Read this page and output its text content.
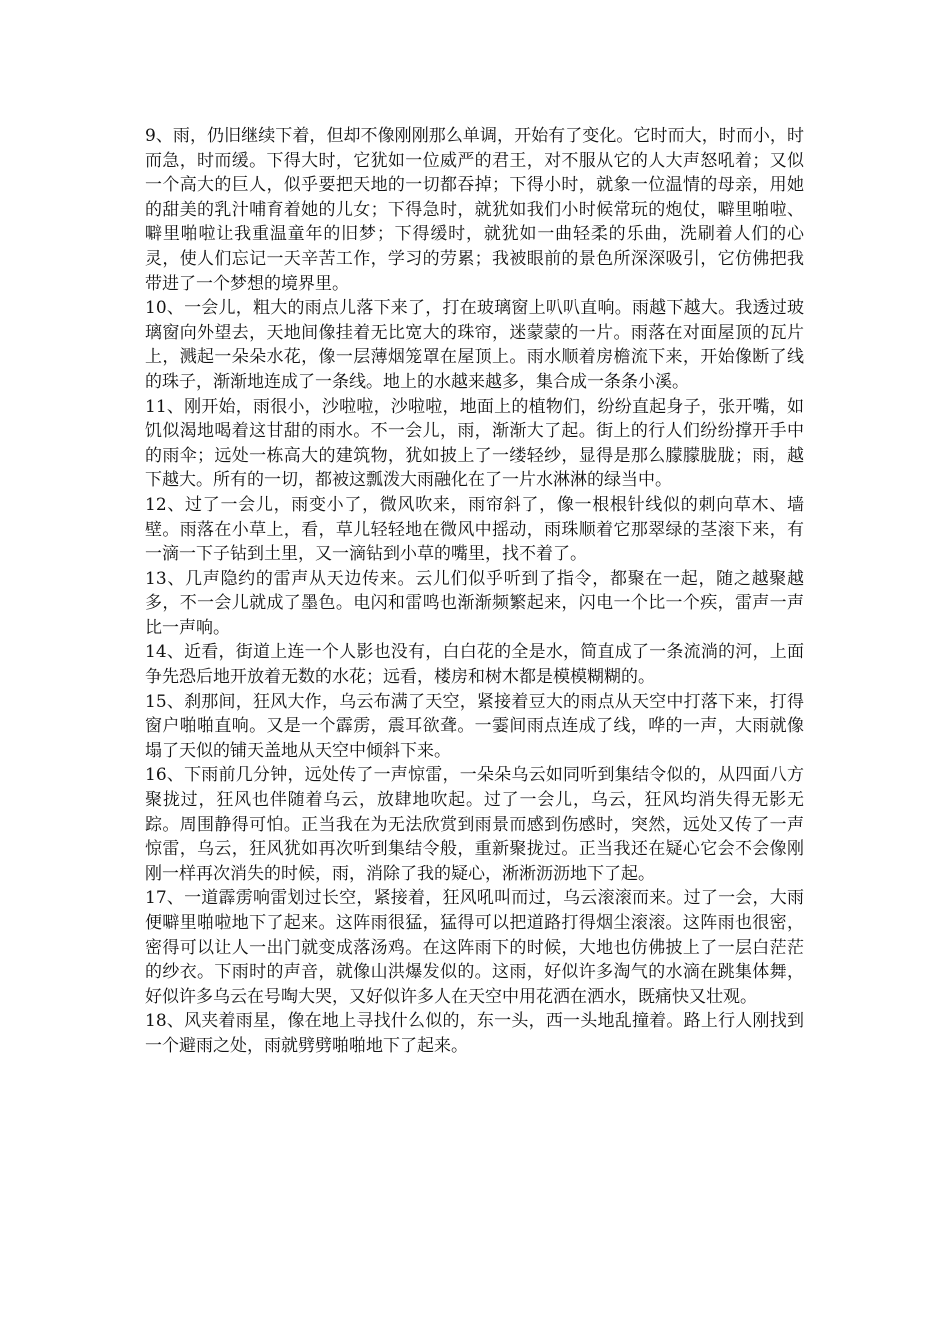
9、雨，仍旧继续下着，但却不像刚刚那么单调，开始有了变化。它时而大，时而小，时而急，时而缓。下得大时，它犹如一位威严的君王，对不服从它的人大声怒吼着；又似一个高大的巨人，似乎要把天地的一切都吞掉；下得小时，就象一位温情的母亲，用她的甜美的乳汁哺育着她的儿女；下得急时，就犹如我们小时候常玩的炮仗，噼里啪啦、噼里啪啦让我重温童年的旧梦；下得缓时，就犹如一曲轻柔的乐曲，洗刷着人们的心灵，使人们忘记一天辛苦工作，学习的劳累；我被眼前的景色所深深吸引，它仿佛把我带进了一个梦想的境界里。

10、一会儿，粗大的雨点儿落下来了，打在玻璃窗上叭叭直响。雨越下越大。我透过玻璃窗向外望去，天地间像挂着无比宽大的珠帘，迷蒙蒙的一片。雨落在对面屋顶的瓦片上，溅起一朵朵水花，像一层薄烟笼罩在屋顶上。雨水顺着房檐流下来，开始像断了线的珠子，渐渐地连成了一条线。地上的水越来越多，集合成一条条小溪。

11、刚开始，雨很小，沙啦啦，沙啦啦，地面上的植物们，纷纷直起身子，张开嘴，如饥似渴地喝着这甘甜的雨水。不一会儿，雨，渐渐大了起。街上的行人们纷纷撑开手中的雨伞；远处一栋高大的建筑物，犹如披上了一缕轻纱，显得是那么朦朦胧胧；雨，越下越大。所有的一切，都被这瓢泼大雨融化在了一片水淋淋的绿当中。

12、过了一会儿，雨变小了，微风吹来，雨帘斜了，像一根根针线似的刺向草木、墙壁。雨落在小草上，看，草儿轻轻地在微风中摇动，雨珠顺着它那翠绿的茎滚下来，有一滴一下子钻到土里，又一滴钻到小草的嘴里，找不着了。

13、几声隐约的雷声从天边传来。云儿们似乎听到了指令，都聚在一起，随之越聚越多，不一会儿就成了墨色。电闪和雷鸣也渐渐频繁起来，闪电一个比一个疾，雷声一声比一声响。

14、近看，街道上连一个人影也没有，白白花的全是水，简直成了一条流淌的河，上面争先恐后地开放着无数的水花；远看，楼房和树木都是模模糊糊的。

15、刹那间，狂风大作，乌云布满了天空，紧接着豆大的雨点从天空中打落下来，打得窗户啪啪直响。又是一个霹雳，震耳欲聋。一霎间雨点连成了线，哗的一声，大雨就像塌了天似的铺天盖地从天空中倾斜下来。

16、下雨前几分钟，远处传了一声惊雷，一朵朵乌云如同听到集结令似的，从四面八方聚拢过，狂风也伴随着乌云，放肆地吹起。过了一会儿，乌云，狂风均消失得无影无踪。周围静得可怕。正当我在为无法欣赏到雨景而感到伤感时，突然，远处又传了一声惊雷，乌云，狂风犹如再次听到集结令般，重新聚拢过。正当我还在疑心它会不会像刚刚一样再次消失的时候，雨，消除了我的疑心，淅淅沥沥地下了起。

17、一道霹雳响雷划过长空，紧接着，狂风吼叫而过，乌云滚滚而来。过了一会，大雨便噼里啪啦地下了起来。这阵雨很猛，猛得可以把道路打得烟尘滚滚。这阵雨也很密，密得可以让人一出门就变成落汤鸡。在这阵雨下的时候，大地也仿佛披上了一层白茫茫的纱衣。下雨时的声音，就像山洪爆发似的。这雨，好似许多淘气的水滴在跳集体舞，好似许多乌云在号啕大哭，又好似许多人在天空中用花洒在洒水，既痛快又壮观。

18、风夹着雨星，像在地上寻找什么似的，东一头，西一头地乱撞着。路上行人刚找到一个避雨之处，雨就劈劈啪啪地下了起来。
